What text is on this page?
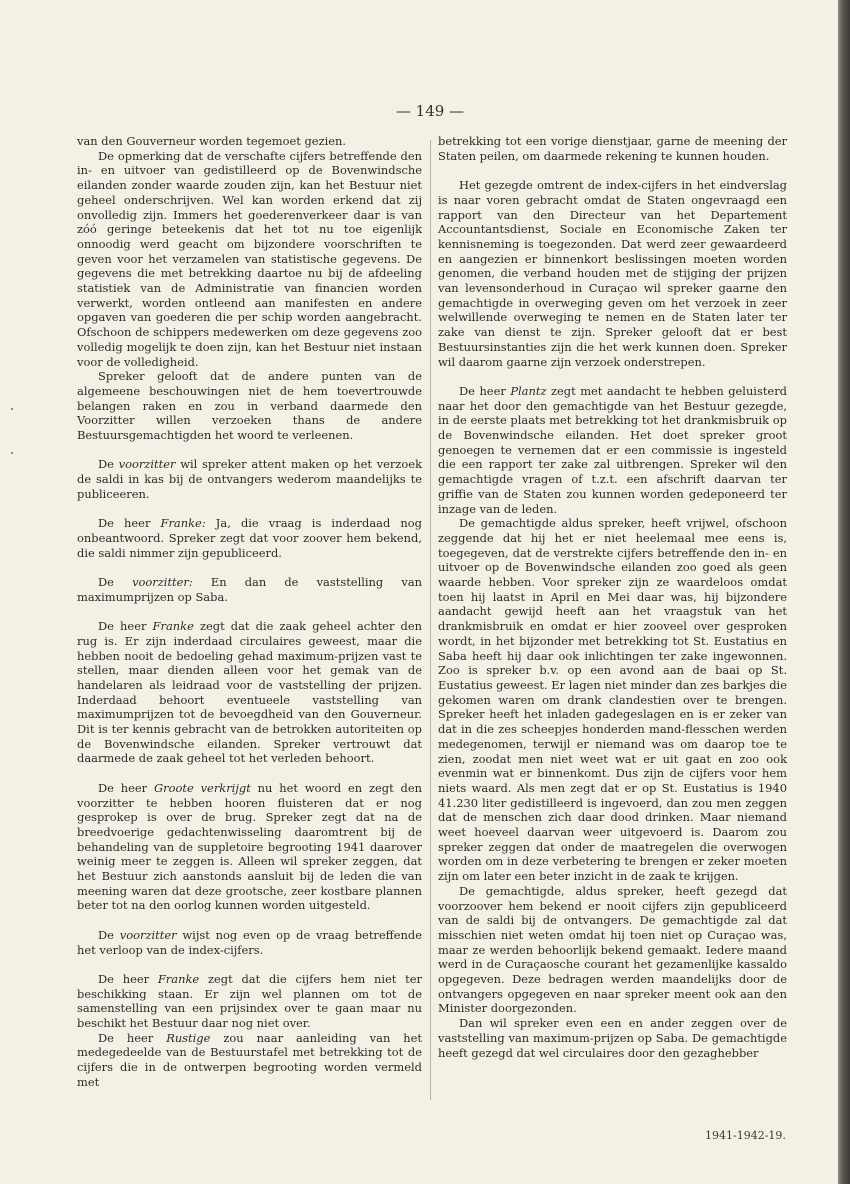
— 149 —

van den Gouverneur worden tegemoet gezien.

De opmerking dat de verschafte cijfers betreffende den in- en uitvoer van gedistilleerd op de Bovenwindsche eilanden zonder waarde zouden zijn, kan het Bestuur niet geheel onderschrijven. Wel kan worden erkend dat zij onvolledig zijn. Immers het goederenverkeer daar is van zóó geringe beteekenis dat het tot nu toe eigenlijk onnoodig werd geacht om bijzondere voorschriften te geven voor het verzamelen van statistische gegevens. De gegevens die met betrekking daartoe nu bij de afdeeling statistiek van de Administratie van financien worden verwerkt, worden ontleend aan manifesten en andere opgaven van goederen die per schip worden aangebracht. Ofschoon de schippers medewerken om deze gegevens zoo volledig mogelijk te doen zijn, kan het Bestuur niet instaan voor de volledigheid.

Spreker gelooft dat de andere punten van de algemeene beschouwingen niet de hem toevertrouwde belangen raken en zou in verband daarmede den Voorzitter willen verzoeken thans de andere Bestuursgemachtigden het woord te verleenen.

De voorzitter wil spreker attent maken op het verzoek de saldi in kas bij de ontvangers wederom maandelijks te publiceeren.

De heer Franke: Ja, die vraag is inderdaad nog onbeantwoord. Spreker zegt dat voor zoover hem bekend, die saldi nimmer zijn gepubliceerd.

De voorzitter: En dan de vaststelling van maximumprijzen op Saba.

De heer Franke zegt dat die zaak geheel achter den rug is. Er zijn inderdaad circulaires geweest, maar die hebben nooit de bedoeling gehad maximum-prijzen vast te stellen, maar dienden alleen voor het gemak van de handelaren als leidraad voor de vaststelling der prijzen. Inderdaad behoort eventueele vaststelling van maximumprijzen tot de bevoegdheid van den Gouverneur. Dit is ter kennis gebracht van de betrokken autoriteiten op de Bovenwindsche eilanden. Spreker vertrouwt dat daarmede de zaak geheel tot het verleden behoort.

De heer Groote verkrijgt nu het woord en zegt den voorzitter te hebben hooren fluisteren dat er nog gesprokep is over de brug. Spreker zegt dat na de breedvoerige gedachtenwisseling daaromtrent bij de behandeling van de suppletoire begrooting 1941 daarover weinig meer te zeggen is. Alleen wil spreker zeggen, dat het Bestuur zich aanstonds aansluit bij de leden die van meening waren dat deze grootsche, zeer kostbare plannen beter tot na den oorlog kunnen worden uitgesteld.

De voorzitter wijst nog even op de vraag betreffende het verloop van de index-cijfers.

De heer Franke zegt dat die cijfers hem niet ter beschikking staan. Er zijn wel plannen om tot de samenstelling van een prijsindex over te gaan maar nu beschikt het Bestuur daar nog niet over.

De heer Rustige zou naar aanleiding van het medegedeelde van de Bestuurstafel met betrekking tot de cijfers die in de ontwerpen begrooting worden vermeld met

betrekking tot een vorige dienstjaar, garne de meening der Staten peilen, om daarmede rekening te kunnen houden.

Het gezegde omtrent de index-cijfers in het eindverslag is naar voren gebracht omdat de Staten ongevraagd een rapport van den Directeur van het Departement Accountantsdienst, Sociale en Economische Zaken ter kennisneming is toegezonden. Dat werd zeer gewaardeerd en aangezien er binnenkort beslissingen moeten worden genomen, die verband houden met de stijging der prijzen van levensonderhoud in Curaçao wil spreker gaarne den gemachtigde in overweging geven om het verzoek in zeer welwillende overweging te nemen en de Staten later ter zake van dienst te zijn. Spreker gelooft dat er best Bestuursinstanties zijn die het werk kunnen doen. Spreker wil daarom gaarne zijn verzoek onderstrepen.

De heer Plantz zegt met aandacht te hebben geluisterd naar het door den gemachtigde van het Bestuur gezegde, in de eerste plaats met betrekking tot het drankmisbruik op de Bovenwindsche eilanden. Het doet spreker groot genoegen te vernemen dat er een commissie is ingesteld die een rapport ter zake zal uitbrengen. Spreker wil den gemachtigde vragen of t.z.t. een afschrift daarvan ter griffie van de Staten zou kunnen worden gedeponeerd ter inzage van de leden.

De gemachtigde aldus spreker, heeft vrijwel, ofschoon zeggende dat hij het er niet heelemaal mee eens is, toegegeven, dat de verstrekte cijfers betreffende den in- en uitvoer op de Bovenwindsche eilanden zoo goed als geen waarde hebben. Voor spreker zijn ze waardeloos omdat toen hij laatst in April en Mei daar was, hij bijzondere aandacht gewijd heeft aan het vraagstuk van het drankmisbruik en omdat er hier zooveel over gesproken wordt, in het bijzonder met betrekking tot St. Eustatius en Saba heeft hij daar ook inlichtingen ter zake ingewonnen. Zoo is spreker b.v. op een avond aan de baai op St. Eustatius geweest. Er lagen niet minder dan zes barkjes die gekomen waren om drank clandestien over te brengen. Spreker heeft het inladen gadegeslagen en is er zeker van dat in die zes scheepjes honderden mand-flesschen werden medegenomen, terwijl er niemand was om daarop toe te zien, zoodat men niet weet wat er uit gaat en zoo ook evenmin wat er binnenkomt. Dus zijn de cijfers voor hem niets waard. Als men zegt dat er op St. Eustatius is 1940 41.230 liter gedistilleerd is ingevoerd, dan zou men zeggen dat de menschen zich daar dood drinken. Maar niemand weet hoeveel daarvan weer uitgevoerd is. Daarom zou spreker zeggen dat onder de maatregelen die overwogen worden om in deze verbetering te brengen er zeker moeten zijn om later een beter inzicht in de zaak te krijgen.

De gemachtigde, aldus spreker, heeft gezegd dat voorzoover hem bekend er nooit cijfers zijn gepubliceerd van de saldi bij de ontvangers. De gemachtigde zal dat misschien niet weten omdat hij toen niet op Curaçao was, maar ze werden behoorlijk bekend gemaakt. Iedere maand werd in de Curaçaosche courant het gezamenlijke kassaldo opgegeven. Deze bedragen werden maandelijks door de ontvangers opgegeven en naar spreker meent ook aan den Minister doorgezonden.

Dan wil spreker even een en ander zeggen over de vaststelling van maximum-prijzen op Saba. De gemachtigde heeft gezegd dat wel circulaires door den gezaghebber

1941-1942-19.
